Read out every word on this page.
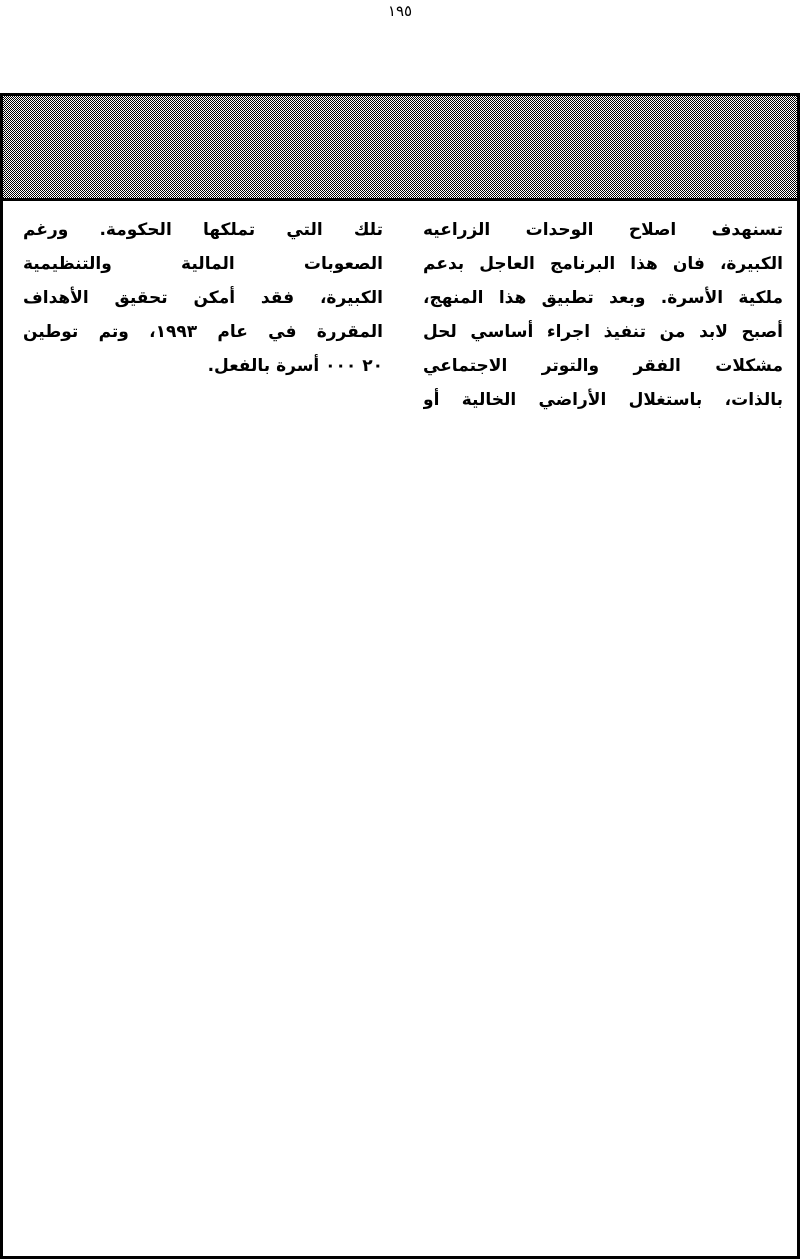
١٩٥
تسنهدف اصلاح الوحدات الزراعيه
الكبيرة، فان هذا البرنامج العاجل بدعم
ملكية الأسرة. وبعد تطبيق هذا المنهج،
أصبح لابد من تنفيذ اجراء أساسي لحل
مشكلات الفقر والتوتر الاجتماعي
بالذات، باستغلال الأراضي الخالية أو
تلك التي تملكها الحكومة. ورغم
الصعوبات المالية والتنظيمية
الكبيرة، فقد أمكن تحقيق الأهداف
المقررة في عام ١٩٩٣، وتم توطين
٢٠ ٠٠٠ أسرة بالفعل.
